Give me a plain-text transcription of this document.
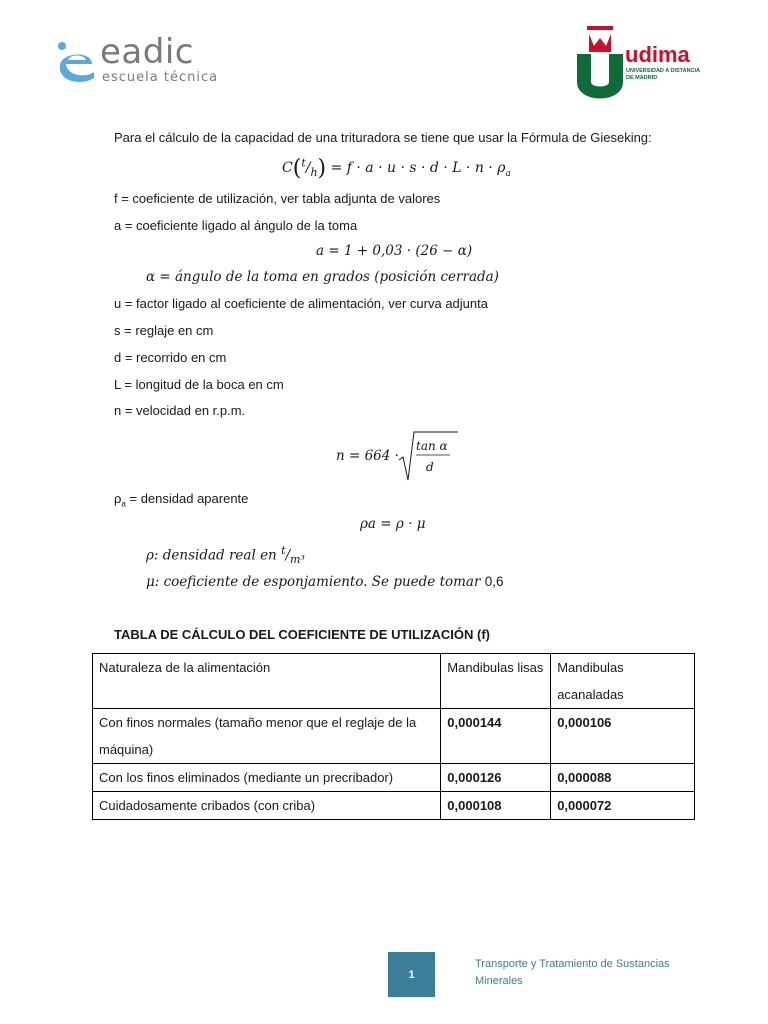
eadic
escuela técnica
udima
UNIVERSIDAD A DISTANCIA
DE MADRID
Para el cálculo de la capacidad de una trituradora se tiene que usar la Fórmula de Gieseking:
$C(^t/_h) = f \cdot a \cdot u \cdot s \cdot d \cdot L \cdot n \cdot \rho_a$
f = coeficiente de utilización, ver tabla adjunta de valores
a = coeficiente ligado al ángulo de la toma
a = 1 + 0,03 · (26 − α)
α = ángulo de la toma en grados (posición cerrada)
u = factor ligado al coeficiente de alimentación, ver curva adjunta
s = reglaje en cm
d = recorrido en cm
L = longitud de la boca en cm
n = velocidad en r.p.m.
n = 664 ·
tan α
d
$\rho_a$ = densidad aparente
ρa = ρ · μ
ρ: densidad real en $^t/_{m^3}$
μ: coeficiente de esponjamiento. Se puede tomar 0,6
TABLA DE CÁLCULO DEL COEFICIENTE DE UTILIZACIÓN (f)
Naturaleza de la alimentación	Mandibulas lisas	Mandibulas acanaladas
Con finos normales (tamaño menor que el reglaje de la máquina)	0,000144	0,000106
Con los finos eliminados (mediante un precribador)	0,000126	0,000088
Cuidadosamente cribados (con criba)	0,000108	0,000072
1
Transporte y Tratamiento de Sustancias Minerales
